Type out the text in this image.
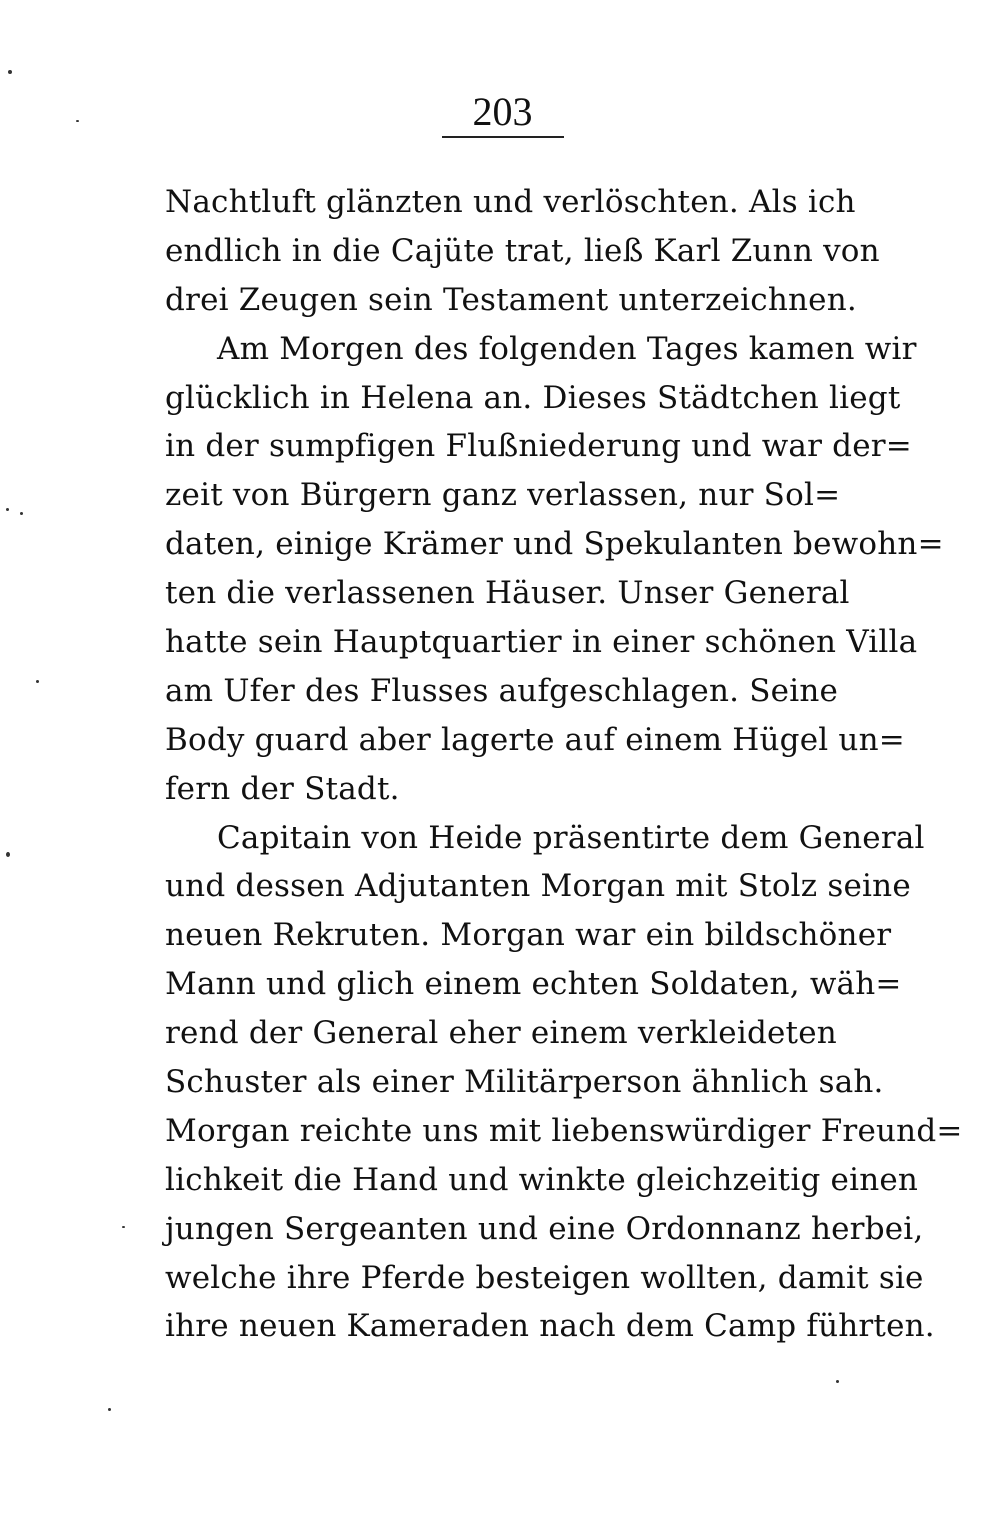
203
Nachtluft glänzten und verlöschten. Als ich
endlich in die Cajüte trat, ließ Karl Zunn von
drei Zeugen sein Testament unterzeichnen.
Am Morgen des folgenden Tages kamen wir
glücklich in Helena an. Dieses Städtchen liegt
in der sumpfigen Flußniederung und war der=
zeit von Bürgern ganz verlassen, nur Sol=
daten, einige Krämer und Spekulanten bewohn=
ten die verlassenen Häuser. Unser General
hatte sein Hauptquartier in einer schönen Villa
am Ufer des Flusses aufgeschlagen. Seine
Body guard aber lagerte auf einem Hügel un=
fern der Stadt.
Capitain von Heide präsentirte dem General
und dessen Adjutanten Morgan mit Stolz seine
neuen Rekruten. Morgan war ein bildschöner
Mann und glich einem echten Soldaten, wäh=
rend der General eher einem verkleideten
Schuster als einer Militärperson ähnlich sah.
Morgan reichte uns mit liebenswürdiger Freund=
lichkeit die Hand und winkte gleichzeitig einen
jungen Sergeanten und eine Ordonnanz herbei,
welche ihre Pferde besteigen wollten, damit sie
ihre neuen Kameraden nach dem Camp führten.
